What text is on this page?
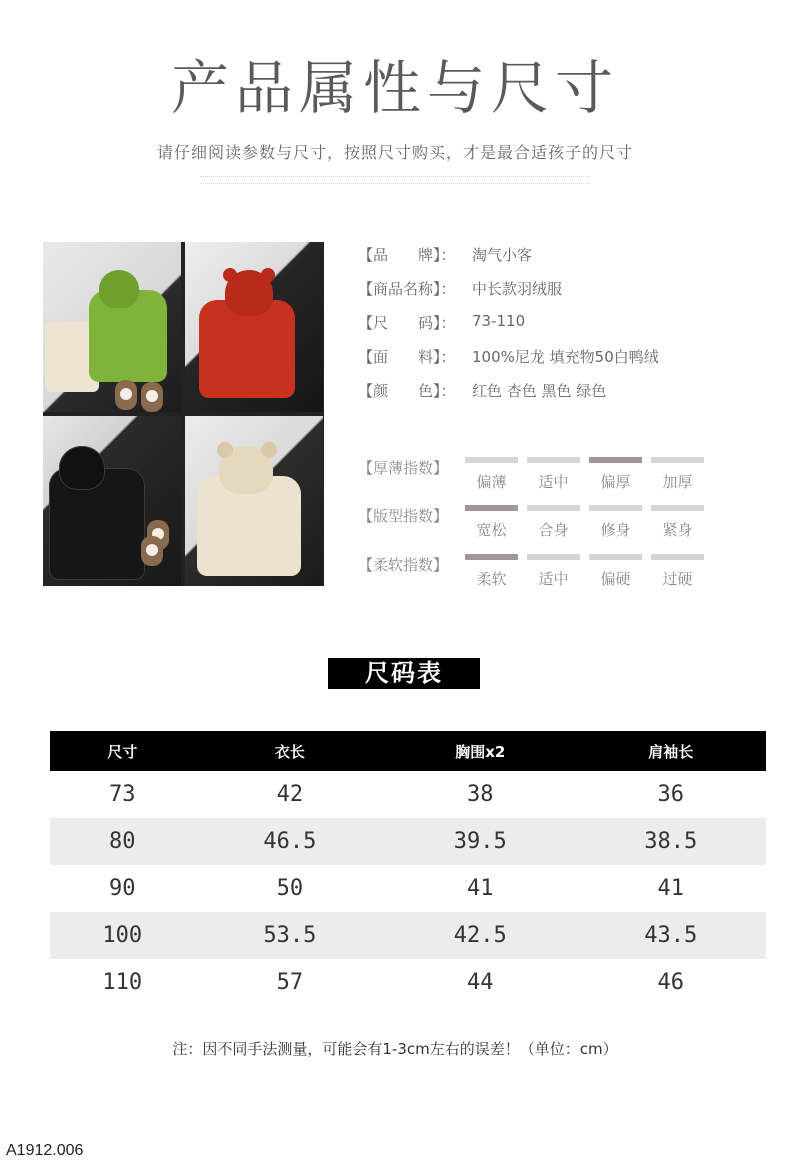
产品属性与尺寸
请仔细阅读参数与尺寸，按照尺寸购买，才是最合适孩子的尺寸
【品　　牌】：	淘气小客
【商品名称】：	中长款羽绒服
【尺　　码】：	73-110
【面　　料】：	100%尼龙 填充物50白鸭绒
【颜　　色】：	红色 杏色 黑色 绿色
【厚薄指数】
【版型指数】
【柔软指数】
偏薄	适中	偏厚	加厚
宽松	合身	修身	紧身
柔软	适中	偏硬	过硬
尺码表
尺寸	衣长	胸围x2	肩袖长
73	42	38	36
80	46.5	39.5	38.5
90	50	41	41
100	53.5	42.5	43.5
110	57	44	46
注：因不同手法测量，可能会有1-3cm左右的误差！（单位：cm）
A1912.006
